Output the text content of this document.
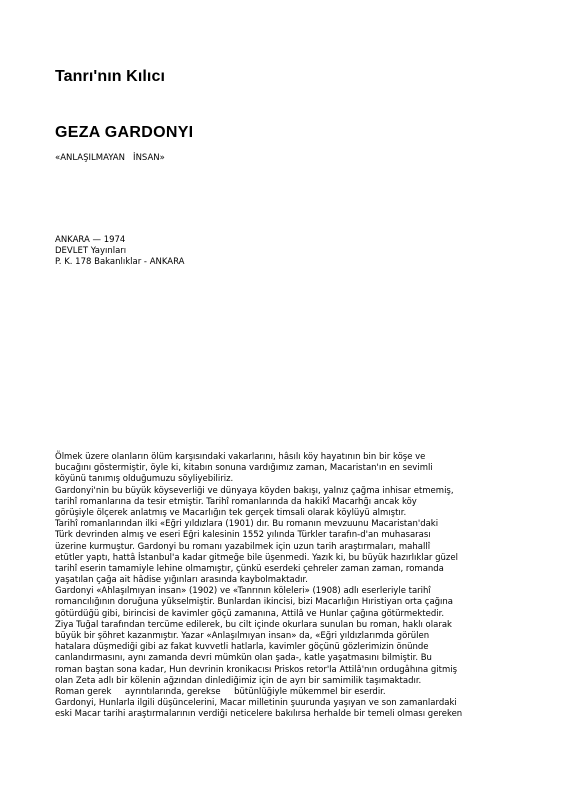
Tanrı'nın Kılıcı
GEZA GARDONYI
«ANLAŞILMAYAN   İNSAN»
ANKARA — 1974
DEVLET Yayınları
P. K. 178 Bakanlıklar - ANKARA
Ölmek üzere olanların ölüm karşısındaki vakarlarını, hâsılı köy hayatının bin bir köşe ve
bucağını göstermiştir, öyle ki, kitabın sonuna vardığımız zaman, Macaristan'ın en sevimli
köyünü tanımış olduğumuzu söyliyebiliriz.
Gardonyi'nin bu büyük köyseverliği ve dünyaya köyden bakışı, yalnız çağma inhisar etmemiş,
tarihî romanlarına da tesir etmiştir. Tarihî romanlarında da hakikî Macarhğı ancak köy
görüşiyle ölçerek anlatmış ve Macarlığın tek gerçek timsali olarak köylüyü almıştır.
Tarihî romanlarından ilki «Eğri yıldızlara (1901) dır. Bu romanın mevzuunu Macaristan'daki
Türk devrinden almış ve eseri Eğri kalesinin 1552 yılında Türkler tarafın-d'an muhasarası
üzerine kurmuştur. Gardonyi bu romanı yazabilmek için uzun tarih araştırmaları, mahallî
etütler yaptı, hattâ İstanbul'a kadar gitmeğe bile üşenmedi. Yazık ki, bu büyük hazırlıklar güzel
tarihî eserin tamamiyle lehine olmamıştır, çünkü eserdeki çehreler zaman zaman, romanda
yaşatılan çağa ait hâdise yığınları arasında kaybolmaktadır.
Gardonyi «Ahlaşılmıyan insan» (1902) ve «Tanrının köleleri» (1908) adlı eserleriyle tarihî
romancılığının doruğuna yükselmiştir. Bunlardan ikincisi, bizi Macarlığın Hıristiyan orta çağına
götürdüğü gibi, birincisi de kavimler göçü zamanına, Attilâ ve Hunlar çağına götürmektedir.
Ziya Tuğal tarafından tercüme edilerek, bu cilt içinde okurlara sunulan bu roman, haklı olarak
büyük bir şöhret kazanmıştır. Yazar «Anlaşılmıyan insan» da, «Eğri yıldızlarımda görülen
hatalara düşmediği gibi az fakat kuvvetli hatlarla, kavimler göçünü gözlerimizin önünde
canlandırmasını, aynı zamanda devri mümkün olan şada-, katle yaşatmasını bilmiştir. Bu
roman baştan sona kadar, Hun devrinin kronikacısı Priskos retor'la Attilâ'nın ordugâhına gitmiş
olan Zeta adlı bir kölenin ağzından dinlediğimiz için de ayrı bir samimilik taşımaktadır.
Roman gerek     ayrıntılarında, gerekse     bütünlüğiyle mükemmel bir eserdir.
Gardonyi, Hunlarla ilgili düşüncelerini, Macar milletinin şuurunda yaşıyan ve son zamanlardaki
eski Macar tarihi araştırmalarının verdiği neticelere bakılırsa herhalde bir temeli olması gereken
